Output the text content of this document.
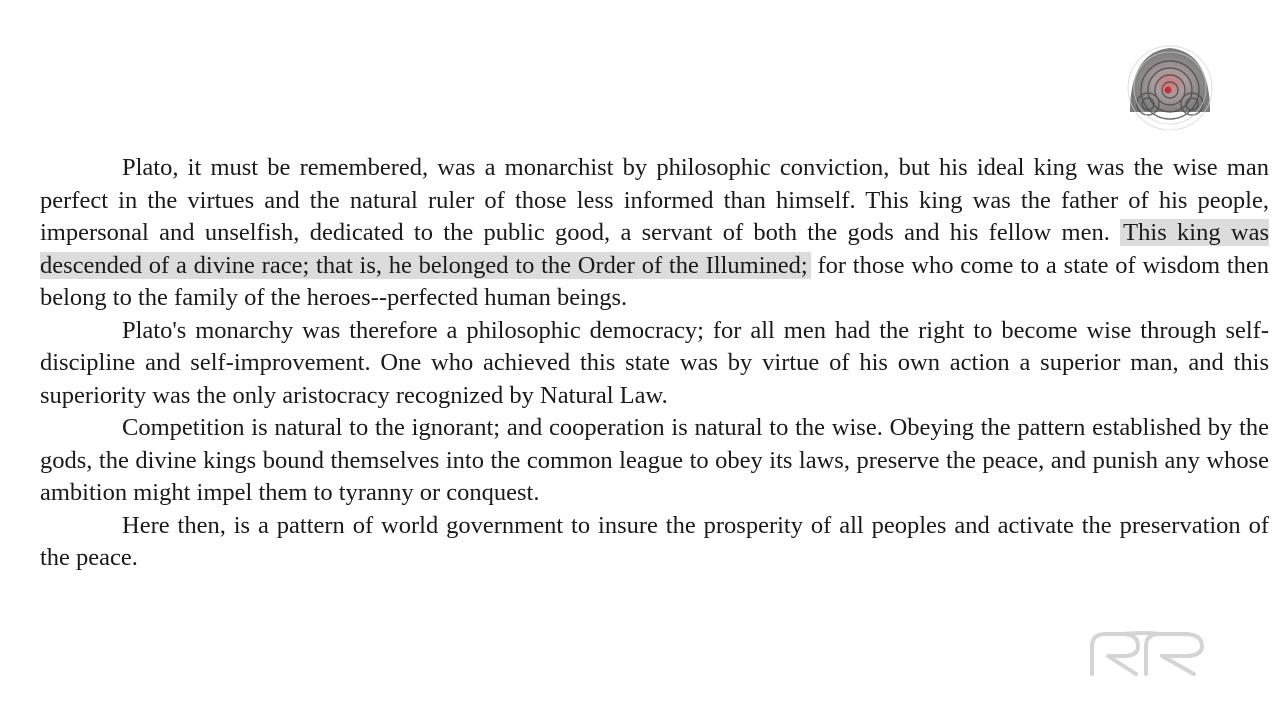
Plato, it must be remembered, was a monarchist by philosophic conviction, but his ideal king was the wise man perfect in the virtues and the natural ruler of those less informed than himself. This king was the father of his people, impersonal and unselfish, dedicated to the public good, a servant of both the gods and his fellow men. This king was descended of a divine race; that is, he belonged to the Order of the Illumined; for those who come to a state of wisdom then belong to the family of the heroes--perfected human beings.

Plato's monarchy was therefore a philosophic democracy; for all men had the right to become wise through self-discipline and self-improvement. One who achieved this state was by virtue of his own action a superior man, and this superiority was the only aristocracy recognized by Natural Law.

Competition is natural to the ignorant; and cooperation is natural to the wise. Obeying the pattern established by the gods, the divine kings bound themselves into the common league to obey its laws, preserve the peace, and punish any whose ambition might impel them to tyranny or conquest.

Here then, is a pattern of world government to insure the prosperity of all peoples and activate the preservation of the peace.
